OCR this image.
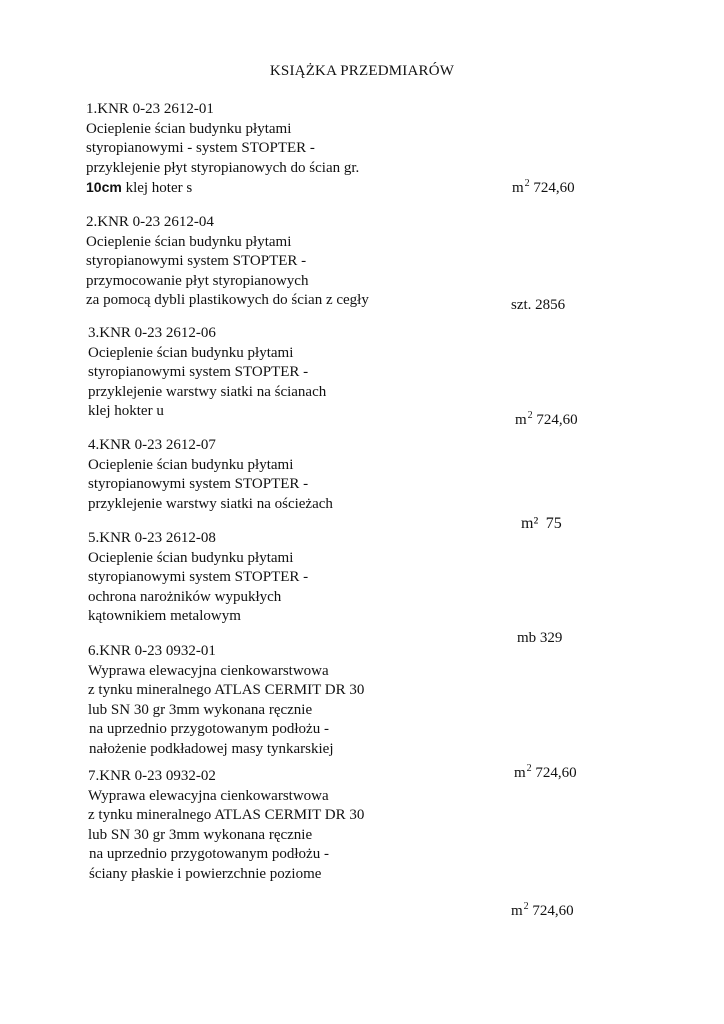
KSIĄŻKA PRZEDMIARÓW
1.KNR 0-23 2612-01
Ocieplenie ścian budynku płytami
styropianowymi - system STOPTER -
przyklejenie płyt styropianowych do ścian gr.
10cm klej hoter s	$m^2$ 724,60
2.KNR 0-23 2612-04
Ocieplenie ścian budynku płytami
styropianowymi system STOPTER -
przymocowanie płyt styropianowych
za pomocą dybli plastikowych do ścian z cegły	szt. 2856
3.KNR 0-23 2612-06
Ocieplenie ścian budynku płytami
styropianowymi system STOPTER -
przyklejenie warstwy siatki na ścianach
klej hokter u
$m^2$ 724,60
4.KNR 0-23 2612-07
Ocieplenie ścian budynku płytami
styropianowymi system STOPTER -
przyklejenie warstwy siatki na ościeżach
m² 75
5.KNR 0-23 2612-08
Ocieplenie ścian budynku płytami
styropianowymi system STOPTER -
ochrona narożników wypukłych
kątownikiem metalowym
mb 329
6.KNR 0-23 0932-01
Wyprawa elewacyjna cienkowarstwowa
z tynku mineralnego ATLAS CERMIT DR 30
lub SN 30 gr 3mm wykonana ręcznie
na uprzednio przygotowanym podłożu -
nałożenie podkładowej masy tynkarskiej
$m^2$ 724,60
7.KNR 0-23 0932-02
Wyprawa elewacyjna cienkowarstwowa
z tynku mineralnego ATLAS CERMIT DR 30
lub SN 30 gr 3mm wykonana ręcznie
na uprzednio przygotowanym podłożu -
ściany płaskie i powierzchnie poziome
$m^2$ 724,60
